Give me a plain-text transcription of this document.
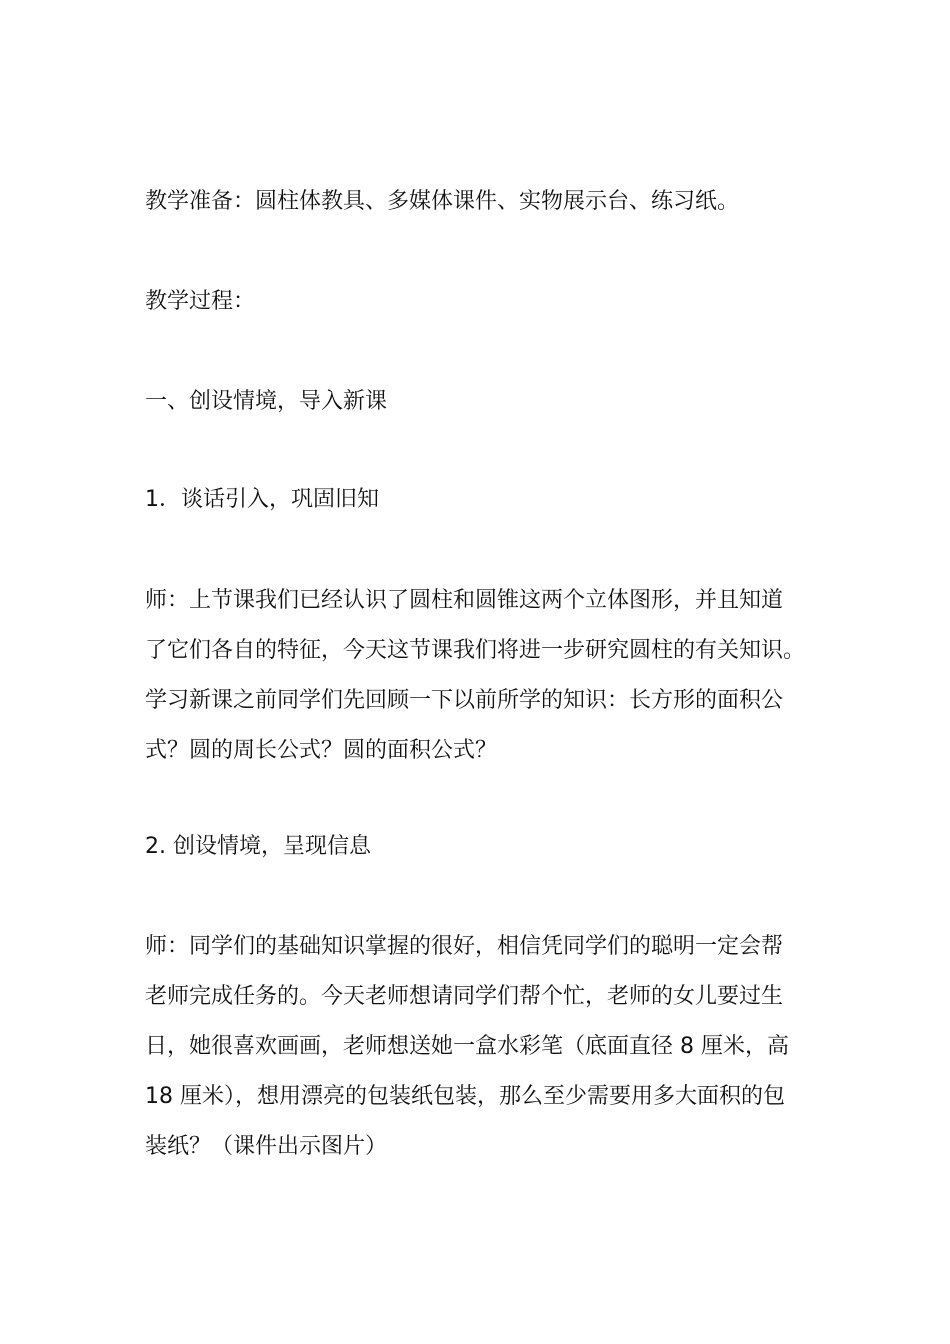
教学准备：圆柱体教具、多媒体课件、实物展示台、练习纸。

教学过程：

一、创设情境，导入新课

1．谈话引入，巩固旧知

师：上节课我们已经认识了圆柱和圆锥这两个立体图形，并且知道
了它们各自的特征，今天这节课我们将进一步研究圆柱的有关知识。
学习新课之前同学们先回顾一下以前所学的知识：长方形的面积公
式？圆的周长公式？圆的面积公式？

2. 创设情境，呈现信息

师：同学们的基础知识掌握的很好，相信凭同学们的聪明一定会帮
老师完成任务的。今天老师想请同学们帮个忙，老师的女儿要过生
日，她很喜欢画画，老师想送她一盒水彩笔（底面直径 8 厘米，高
18 厘米），想用漂亮的包装纸包装，那么至少需要用多大面积的包
装纸？（课件出示图片）
